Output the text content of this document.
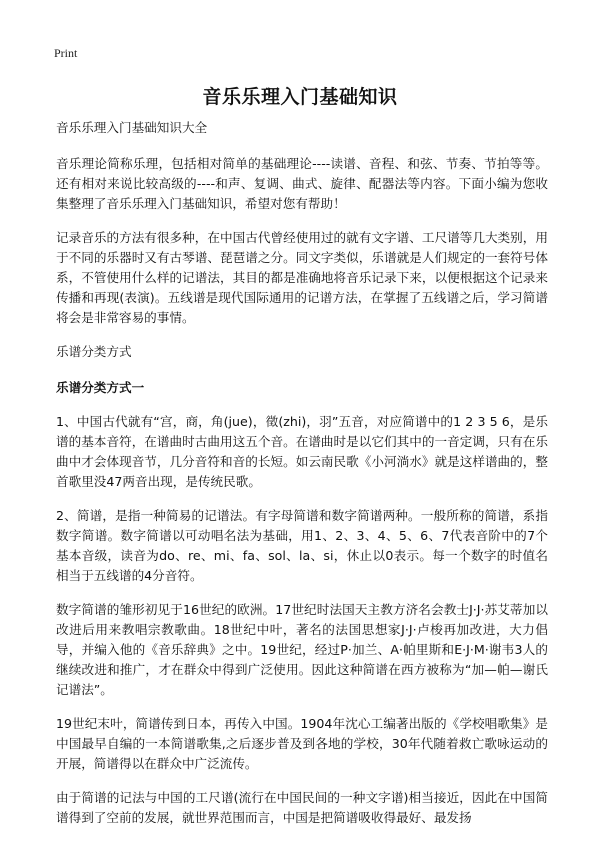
Print
音乐乐理入门基础知识

音乐乐理入门基础知识大全

音乐理论简称乐理，包括相对简单的基础理论----读谱、音程、和弦、节奏、节拍等等。还有相对来说比较高级的----和声、复调、曲式、旋律、配器法等内容。下面小编为您收集整理了音乐乐理入门基础知识，希望对您有帮助！

记录音乐的方法有很多种，在中国古代曾经使用过的就有文字谱、工尺谱等几大类别，用于不同的乐器时又有古琴谱、琵琶谱之分。同文字类似，乐谱就是人们规定的一套符号体系，不管使用什么样的记谱法，其目的都是准确地将音乐记录下来，以便根据这个记录来传播和再现(表演)。五线谱是现代国际通用的记谱方法，在掌握了五线谱之后，学习简谱将会是非常容易的事情。

乐谱分类方式

乐谱分类方式一

1、中国古代就有“宫，商，角(jue)，徵(zhi)，羽”五音，对应简谱中的1 2 3 5 6，是乐谱的基本音符，在谱曲时古曲用这五个音。在谱曲时是以它们其中的一音定调，只有在乐曲中才会体现音节，几分音符和音的长短。如云南民歌《小河淌水》就是这样谱曲的，整首歌里没47两音出现，是传统民歌。

2、简谱，是指一种简易的记谱法。有字母简谱和数字简谱两种。一般所称的简谱，系指数字简谱。数字简谱以可动唱名法为基础，用1、2、3、4、5、6、7代表音阶中的7个基本音级，读音为do、re、mi、fa、sol、la、si，休止以0表示。每一个数字的时值名相当于五线谱的4分音符。

数字简谱的雏形初见于16世纪的欧洲。17世纪时法国天主教方济名会教士J·J·苏艾蒂加以改进后用来教唱宗教歌曲。18世纪中叶，著名的法国思想家J·J·卢梭再加改进，大力倡导，并编入他的《音乐辞典》之中。19世纪，经过P·加兰、A·帕里斯和E·J·M·谢韦3人的继续改进和推广，才在群众中得到广泛使用。因此这种简谱在西方被称为“加—帕—谢氏记谱法”。

19世纪末叶，简谱传到日本，再传入中国。1904年沈心工编著出版的《学校唱歌集》是中国最早自编的一本简谱歌集,之后逐步普及到各地的学校，30年代随着救亡歌咏运动的开展，简谱得以在群众中广泛流传。

由于简谱的记法与中国的工尺谱(流行在中国民间的一种文字谱)相当接近，因此在中国简谱得到了空前的发展，就世界范围而言，中国是把简谱吸收得最好、最发扬
